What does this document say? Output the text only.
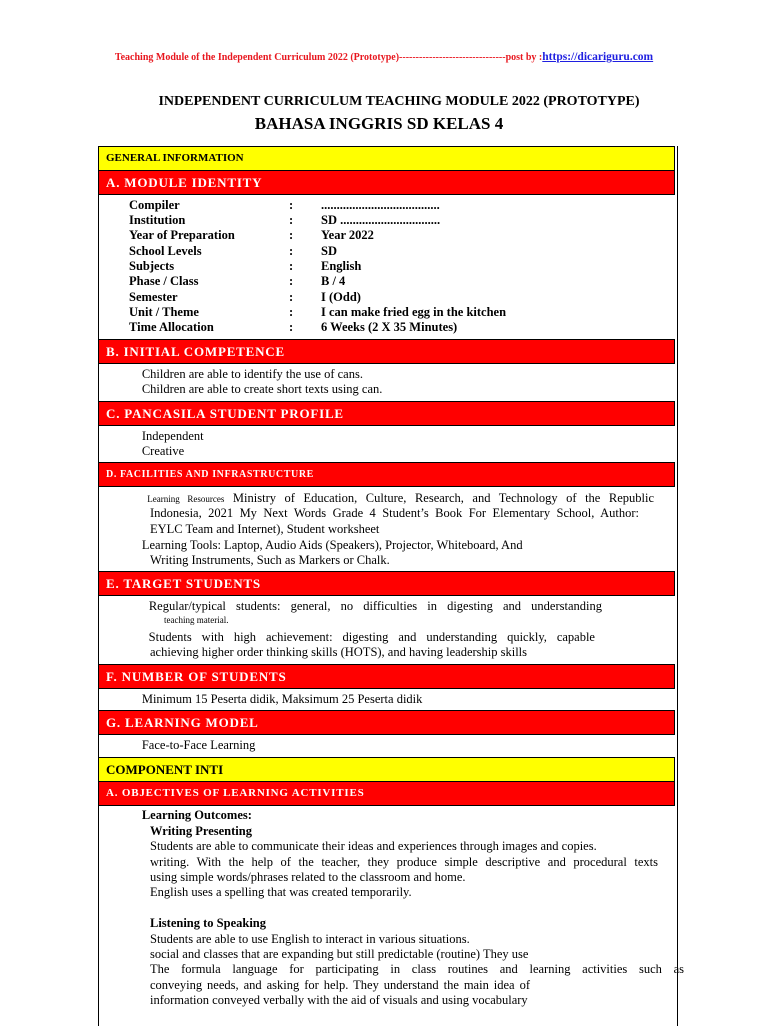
Teaching Module of the Independent Curriculum 2022 (Prototype)--------------------------------post by :https://dicariguru.com
INDEPENDENT CURRICULUM TEACHING MODULE 2022 (PROTOTYPE)
BAHASA INGGRIS SD KELAS 4
GENERAL INFORMATION
A. MODULE IDENTITY
Compiler	: ......................................
Institution	: SD ................................
Year of Preparation	: Year 2022
School Levels	: SD
Subjects	: English
Phase / Class	: B / 4
Semester	: I (Odd)
Unit / Theme	: I can make fried egg in the kitchen
Time Allocation	: 6 Weeks (2 X 35 Minutes)
B. INITIAL COMPETENCE
Children are able to identify the use of cans.
Children are able to create short texts using can.
C. PANCASILA STUDENT PROFILE
Independent
Creative
D. FACILITIES AND INFRASTRUCTURE
Learning Resources Ministry of Education, Culture, Research, and Technology of the Republic
Indonesia, 2021 My Next Words Grade 4 Student’s Book For Elementary School, Author:
EYLC Team and Internet), Student worksheet
Learning Tools: Laptop, Audio Aids (Speakers), Projector, Whiteboard, And
Writing Instruments, Such as Markers or Chalk.
E. TARGET STUDENTS
Regular/typical students: general, no difficulties in digesting and understanding
teaching material.
Students with high achievement: digesting and understanding quickly, capable
achieving higher order thinking skills (HOTS), and having leadership skills
F. NUMBER OF STUDENTS
Minimum 15 Peserta didik, Maksimum 25 Peserta didik
G. LEARNING MODEL
Face-to-Face Learning
COMPONENT INTI
A. OBJECTIVES OF LEARNING ACTIVITIES
Learning Outcomes:
Writing Presenting
Students are able to communicate their ideas and experiences through images and copies.
writing. With the help of the teacher, they produce simple descriptive and procedural texts
using simple words/phrases related to the classroom and home.
English uses a spelling that was created temporarily.
Listening to Speaking
Students are able to use English to interact in various situations.
social and classes that are expanding but still predictable (routine) They use
The formula language for participating in class routines and learning activities such as
conveying needs, and asking for help. They understand the main idea of
information conveyed verbally with the aid of visuals and using vocabulary
